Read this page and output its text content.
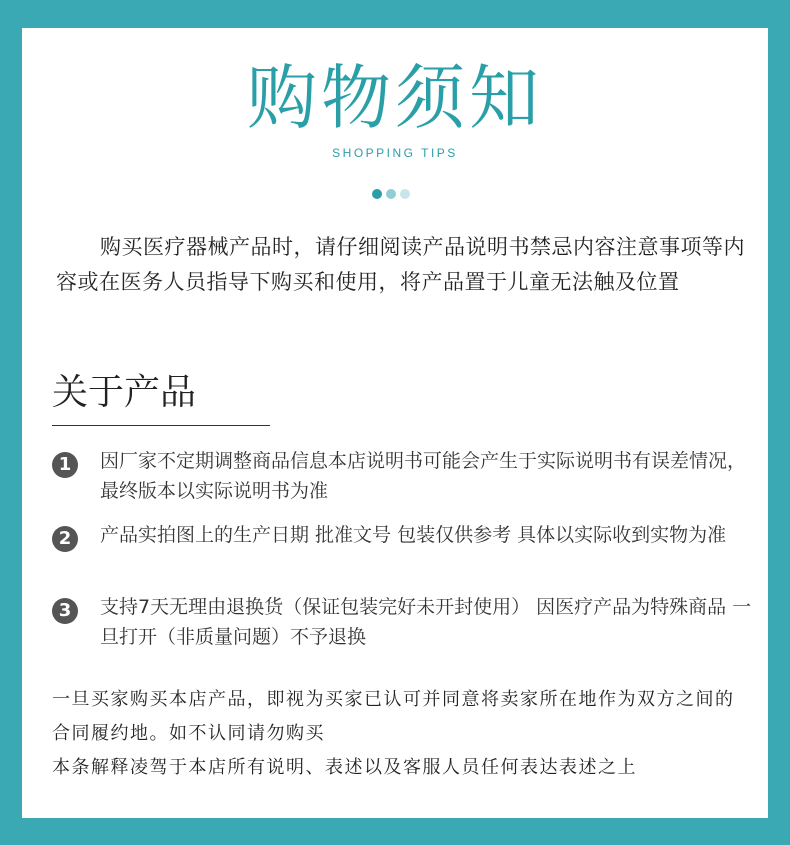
购物须知
SHOPPING TIPS
购买医疗器械产品时，请仔细阅读产品说明书禁忌内容注意事项等内容或在医务人员指导下购买和使用，将产品置于儿童无法触及位置
关于产品
1	因厂家不定期调整商品信息本店说明书可能会产生于实际说明书有误差情况，最终版本以实际说明书为准
2	产品实拍图上的生产日期 批准文号 包装仅供参考 具体以实际收到实物为准
3	支持7天无理由退换货（保证包装完好未开封使用） 因医疗产品为特殊商品 一旦打开（非质量问题）不予退换

一旦买家购买本店产品，即视为买家已认可并同意将卖家所在地作为双方之间的合同履约地。如不认同请勿购买

本条解释凌驾于本店所有说明、表述以及客服人员任何表达表述之上
